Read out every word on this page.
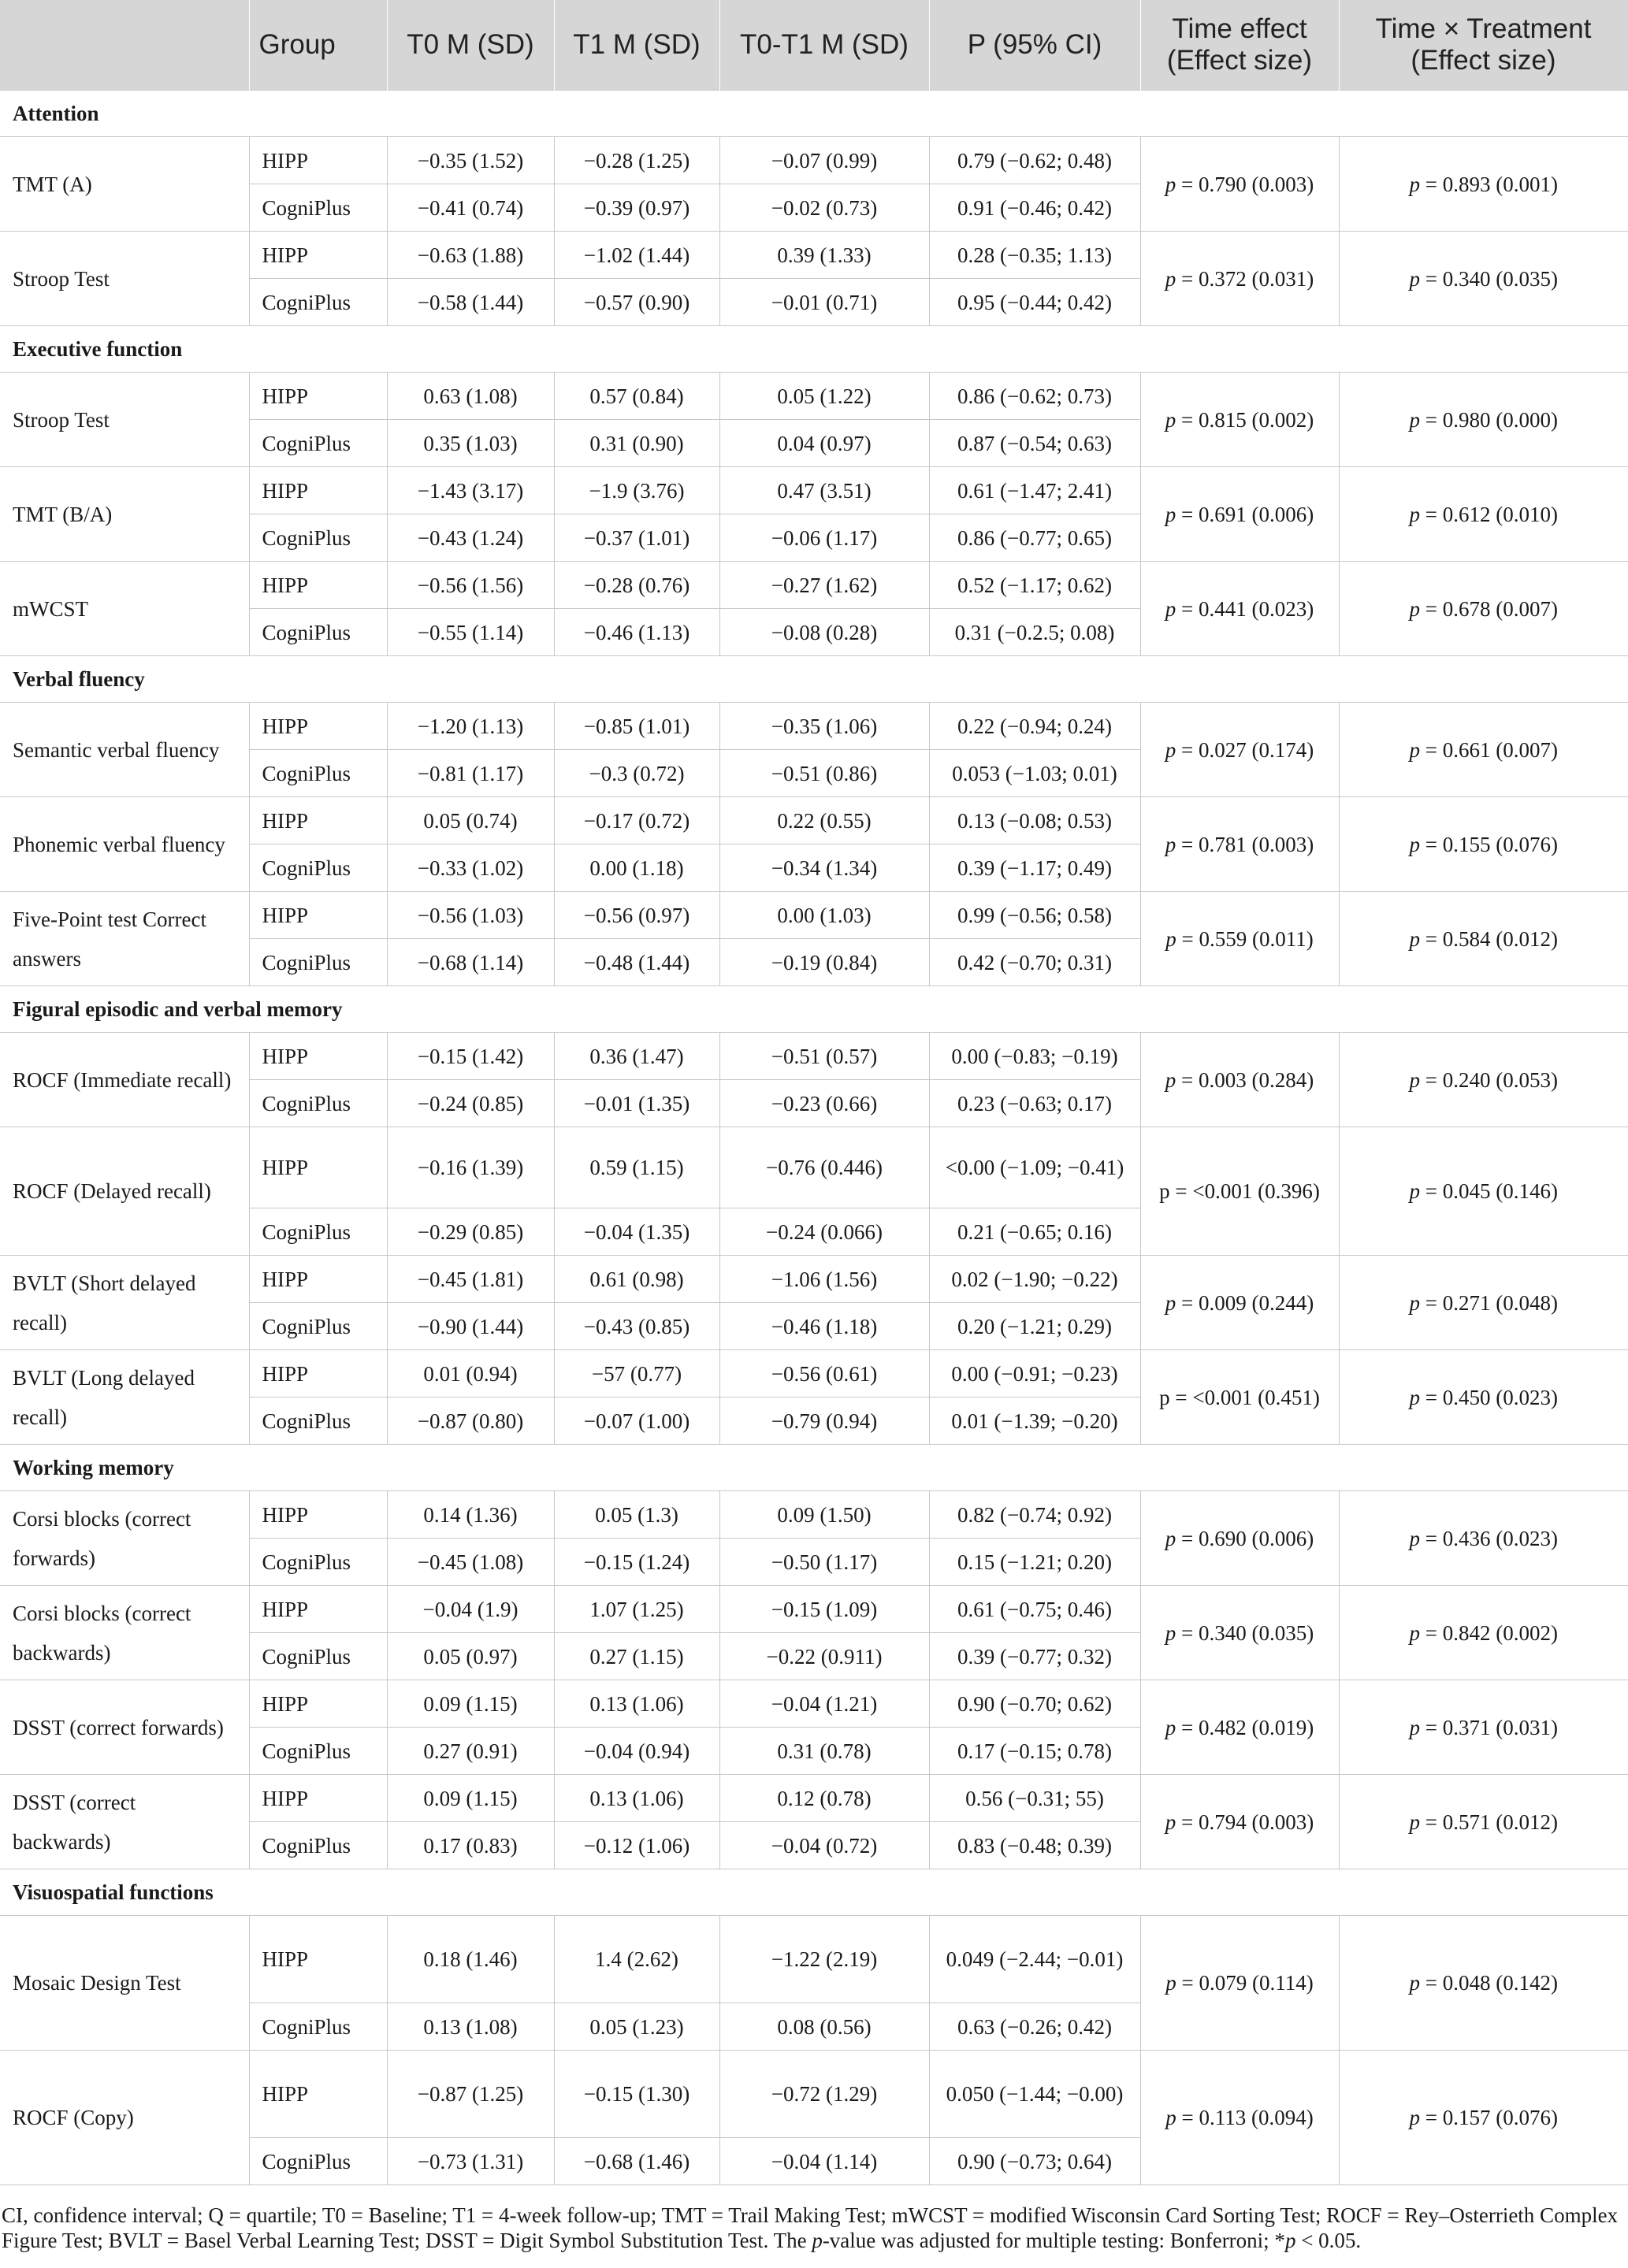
	Group	T0 M (SD)	T1 M (SD)	T0-T1 M (SD)	P (95% CI)	Time effect (Effect size)	Time × Treatment (Effect size)
Attention							
TMT (A)	HIPP	−0.35 (1.52)	−0.28 (1.25)	−0.07 (0.99)	0.79 (−0.62; 0.48)	p = 0.790 (0.003)	p = 0.893 (0.001)
	CogniPlus	−0.41 (0.74)	−0.39 (0.97)	−0.02 (0.73)	0.91 (−0.46; 0.42)		
Stroop Test	HIPP	−0.63 (1.88)	−1.02 (1.44)	0.39 (1.33)	0.28 (−0.35; 1.13)	p = 0.372 (0.031)	p = 0.340 (0.035)
	CogniPlus	−0.58 (1.44)	−0.57 (0.90)	−0.01 (0.71)	0.95 (−0.44; 0.42)		
Executive function							
Stroop Test	HIPP	0.63 (1.08)	0.57 (0.84)	0.05 (1.22)	0.86 (−0.62; 0.73)	p = 0.815 (0.002)	p = 0.980 (0.000)
	CogniPlus	0.35 (1.03)	0.31 (0.90)	0.04 (0.97)	0.87 (−0.54; 0.63)		
TMT (B/A)	HIPP	−1.43 (3.17)	−1.9 (3.76)	0.47 (3.51)	0.61 (−1.47; 2.41)	p = 0.691 (0.006)	p = 0.612 (0.010)
	CogniPlus	−0.43 (1.24)	−0.37 (1.01)	−0.06 (1.17)	0.86 (−0.77; 0.65)		
mWCST	HIPP	−0.56 (1.56)	−0.28 (0.76)	−0.27 (1.62)	0.52 (−1.17; 0.62)	p = 0.441 (0.023)	p = 0.678 (0.007)
	CogniPlus	−0.55 (1.14)	−0.46 (1.13)	−0.08 (0.28)	0.31 (−0.2.5; 0.08)		
Verbal fluency							
Semantic verbal fluency	HIPP	−1.20 (1.13)	−0.85 (1.01)	−0.35 (1.06)	0.22 (−0.94; 0.24)	p = 0.027 (0.174)	p = 0.661 (0.007)
	CogniPlus	−0.81 (1.17)	−0.3 (0.72)	−0.51 (0.86)	0.053 (−1.03; 0.01)		
Phonemic verbal fluency	HIPP	0.05 (0.74)	−0.17 (0.72)	0.22 (0.55)	0.13 (−0.08; 0.53)	p = 0.781 (0.003)	p = 0.155 (0.076)
	CogniPlus	−0.33 (1.02)	0.00 (1.18)	−0.34 (1.34)	0.39 (−1.17; 0.49)		
Five-Point test Correct answers	HIPP	−0.56 (1.03)	−0.56 (0.97)	0.00 (1.03)	0.99 (−0.56; 0.58)	p = 0.559 (0.011)	p = 0.584 (0.012)
	CogniPlus	−0.68 (1.14)	−0.48 (1.44)	−0.19 (0.84)	0.42 (−0.70; 0.31)		
Figural episodic and verbal memory							
ROCF (Immediate recall)	HIPP	−0.15 (1.42)	0.36 (1.47)	−0.51 (0.57)	0.00 (−0.83; −0.19)	p = 0.003 (0.284)	p = 0.240 (0.053)
	CogniPlus	−0.24 (0.85)	−0.01 (1.35)	−0.23 (0.66)	0.23 (−0.63; 0.17)		
ROCF (Delayed recall)	HIPP	−0.16 (1.39)	0.59 (1.15)	−0.76 (0.446)	<0.00 (−1.09; −0.41)	p = <0.001 (0.396)	p = 0.045 (0.146)
	CogniPlus	−0.29 (0.85)	−0.04 (1.35)	−0.24 (0.066)	0.21 (−0.65; 0.16)		
BVLT (Short delayed recall)	HIPP	−0.45 (1.81)	0.61 (0.98)	−1.06 (1.56)	0.02 (−1.90; −0.22)	p = 0.009 (0.244)	p = 0.271 (0.048)
	CogniPlus	−0.90 (1.44)	−0.43 (0.85)	−0.46 (1.18)	0.20 (−1.21; 0.29)		
BVLT (Long delayed recall)	HIPP	0.01 (0.94)	−57 (0.77)	−0.56 (0.61)	0.00 (−0.91; −0.23)	p = <0.001 (0.451)	p = 0.450 (0.023)
	CogniPlus	−0.87 (0.80)	−0.07 (1.00)	−0.79 (0.94)	0.01 (−1.39; −0.20)		
Working memory							
Corsi blocks (correct forwards)	HIPP	0.14 (1.36)	0.05 (1.3)	0.09 (1.50)	0.82 (−0.74; 0.92)	p = 0.690 (0.006)	p = 0.436 (0.023)
	CogniPlus	−0.45 (1.08)	−0.15 (1.24)	−0.50 (1.17)	0.15 (−1.21; 0.20)		
Corsi blocks (correct backwards)	HIPP	−0.04 (1.9)	1.07 (1.25)	−0.15 (1.09)	0.61 (−0.75; 0.46)	p = 0.340 (0.035)	p = 0.842 (0.002)
	CogniPlus	0.05 (0.97)	0.27 (1.15)	−0.22 (0.911)	0.39 (−0.77; 0.32)		
DSST (correct forwards)	HIPP	0.09 (1.15)	0.13 (1.06)	−0.04 (1.21)	0.90 (−0.70; 0.62)	p = 0.482 (0.019)	p = 0.371 (0.031)
	CogniPlus	0.27 (0.91)	−0.04 (0.94)	0.31 (0.78)	0.17 (−0.15; 0.78)		
DSST (correct backwards)	HIPP	0.09 (1.15)	0.13 (1.06)	0.12 (0.78)	0.56 (−0.31; 55)	p = 0.794 (0.003)	p = 0.571 (0.012)
	CogniPlus	0.17 (0.83)	−0.12 (1.06)	−0.04 (0.72)	0.83 (−0.48; 0.39)		
Visuospatial functions							
Mosaic Design Test	HIPP	0.18 (1.46)	1.4 (2.62)	−1.22 (2.19)	0.049 (−2.44; −0.01)	p = 0.079 (0.114)	p = 0.048 (0.142)
	CogniPlus	0.13 (1.08)	0.05 (1.23)	0.08 (0.56)	0.63 (−0.26; 0.42)		
ROCF (Copy)	HIPP	−0.87 (1.25)	−0.15 (1.30)	−0.72 (1.29)	0.050 (−1.44; −0.00)	p = 0.113 (0.094)	p = 0.157 (0.076)
	CogniPlus	−0.73 (1.31)	−0.68 (1.46)	−0.04 (1.14)	0.90 (−0.73; 0.64)		

CI, confidence interval; Q = quartile; T0 = Baseline; T1 = 4-week follow-up; TMT = Trail Making Test; mWCST = modified Wisconsin Card Sorting Test; ROCF = Rey–Osterrieth Complex

Figure Test; BVLT = Basel Verbal Learning Test; DSST = Digit Symbol Substitution Test. The p-value was adjusted for multiple testing: Bonferroni; *p < 0.05.
